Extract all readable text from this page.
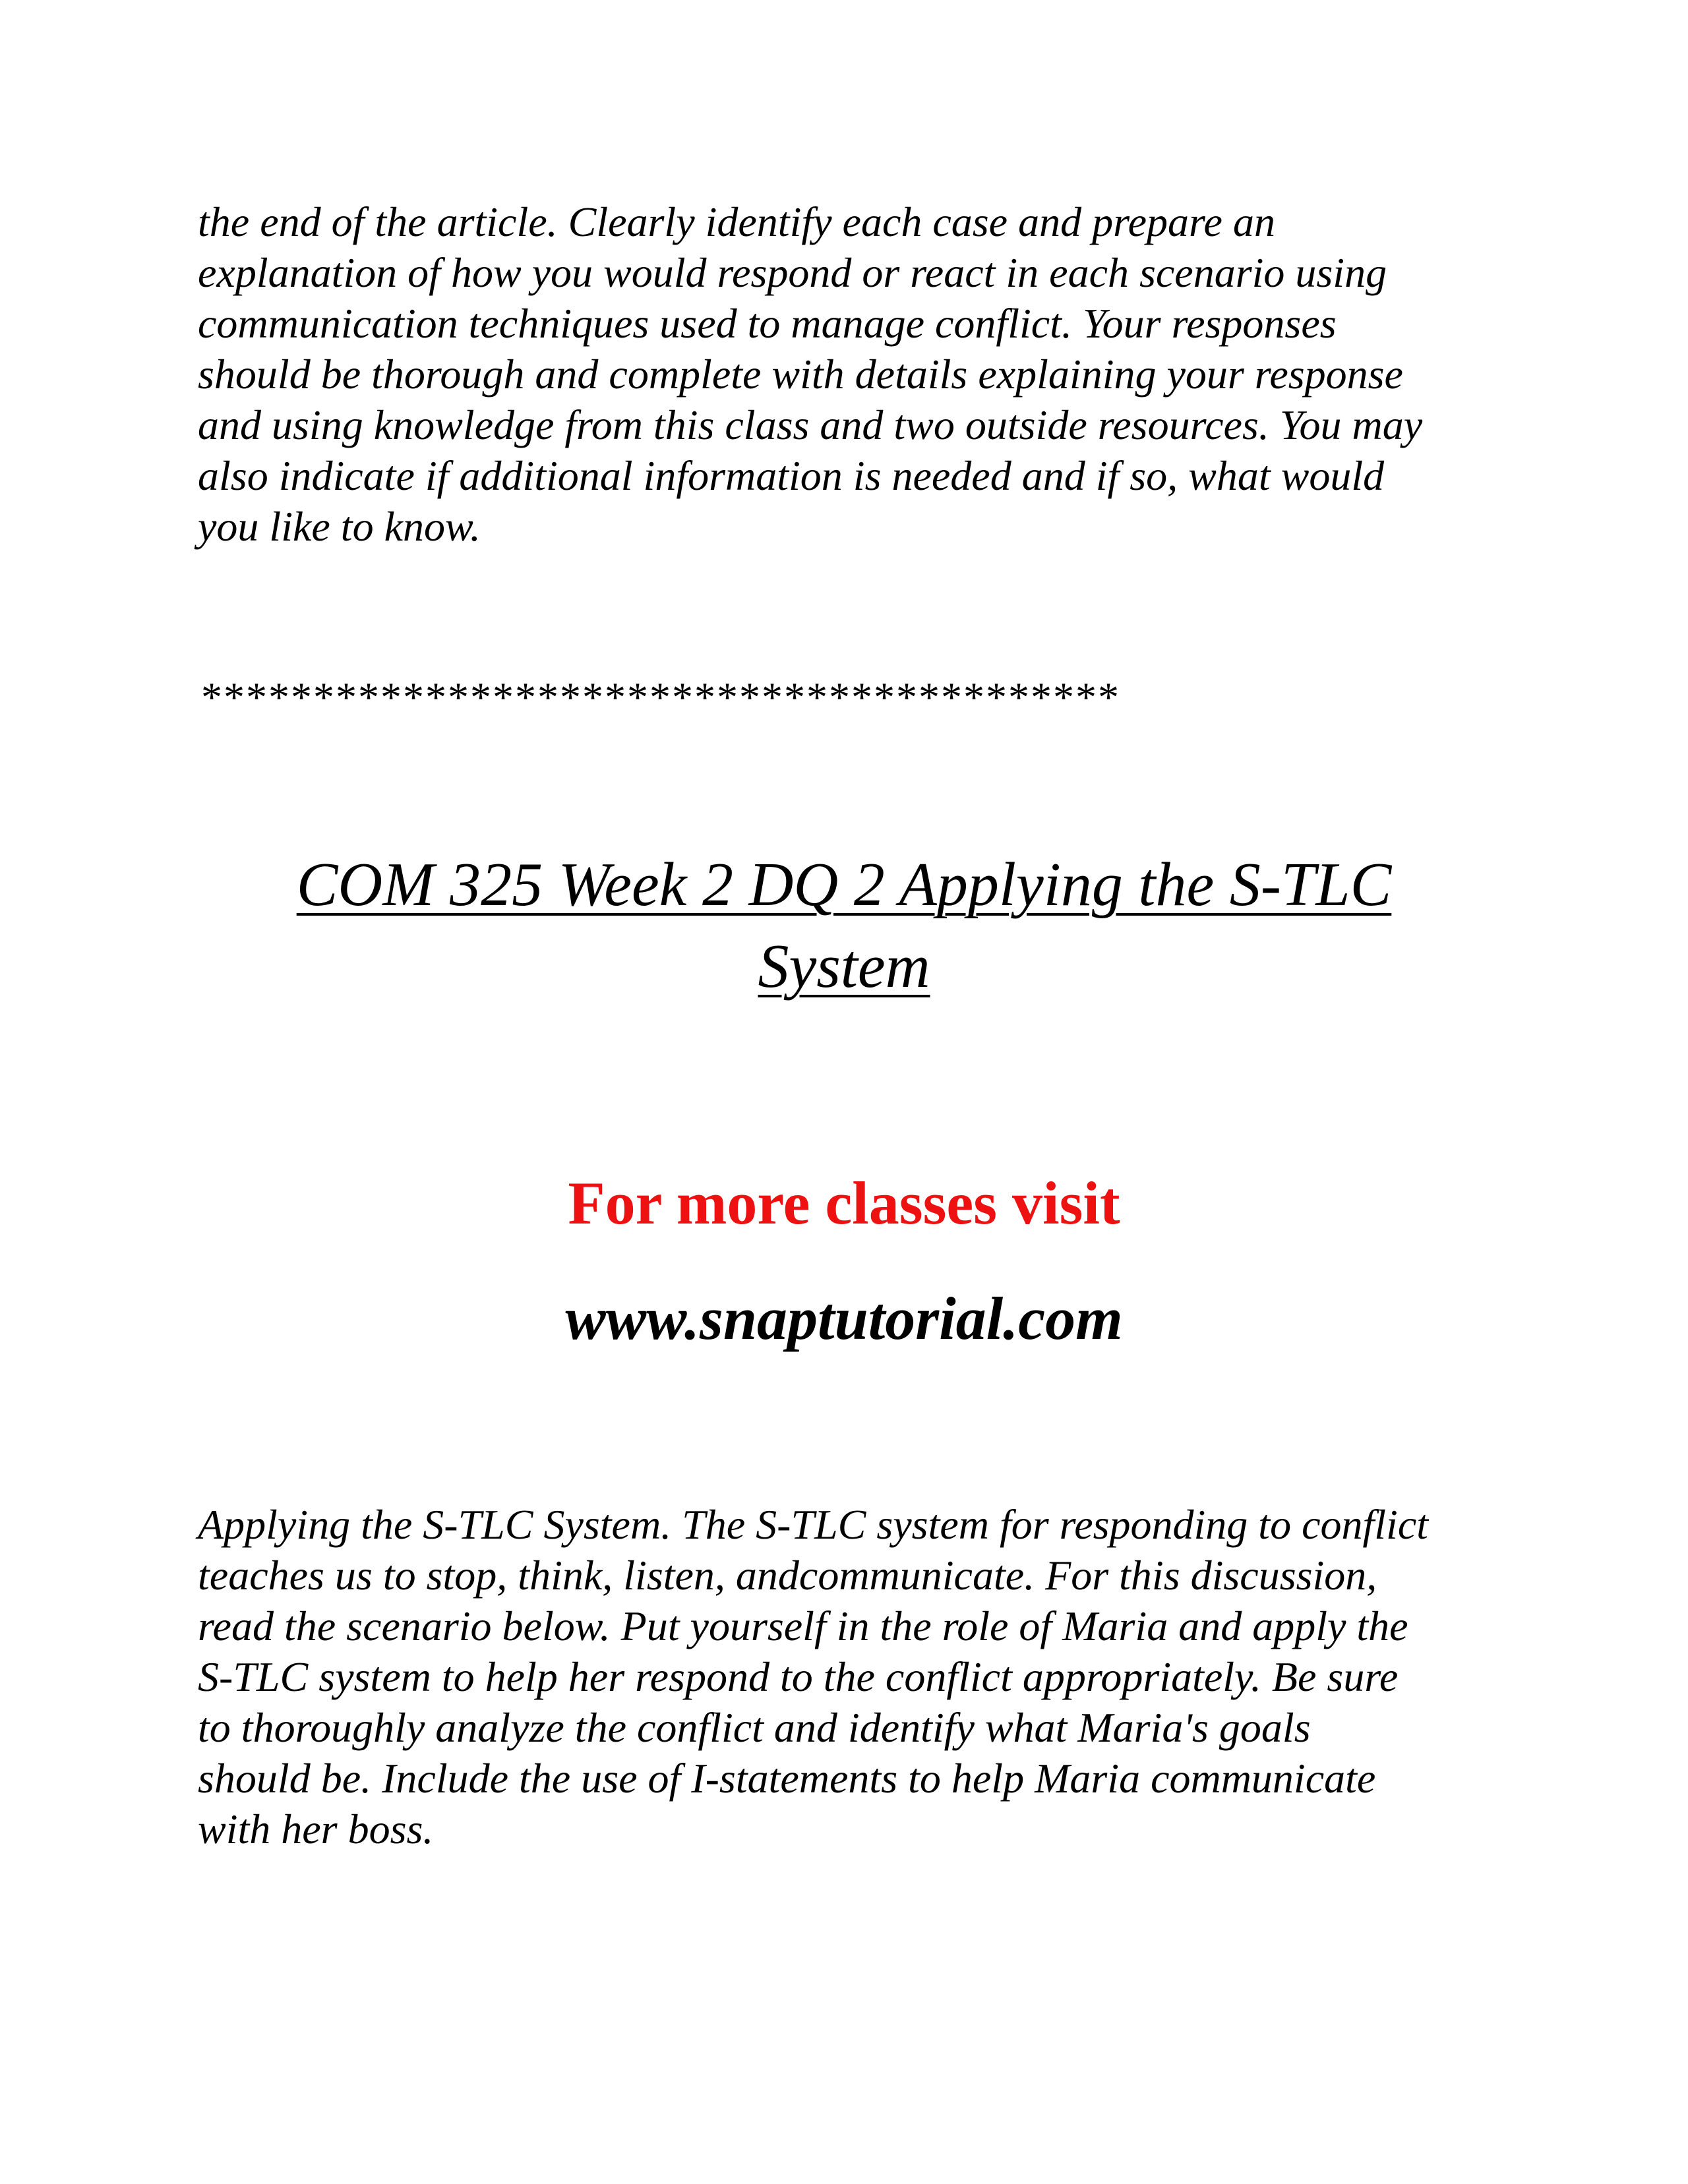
the end of the article. Clearly identify each case and prepare an
explanation of how you would respond or react in each scenario using
communication techniques used to manage conflict. Your responses
should be thorough and complete with details explaining your response
and using knowledge from this class and two outside resources. You may
also indicate if additional information is needed and if so, what would
you like to know.
*****************************************
COM 325 Week 2 DQ 2 Applying the S-TLC
System
For more classes visit
www.snaptutorial.com
Applying the S-TLC System. The S-TLC system for responding to conflict
teaches us to stop, think, listen, andcommunicate. For this discussion,
read the scenario below. Put yourself in the role of Maria and apply the
S-TLC system to help her respond to the conflict appropriately. Be sure
to thoroughly analyze the conflict and identify what Maria's goals
should be. Include the use of I-statements to help Maria communicate
with her boss.
